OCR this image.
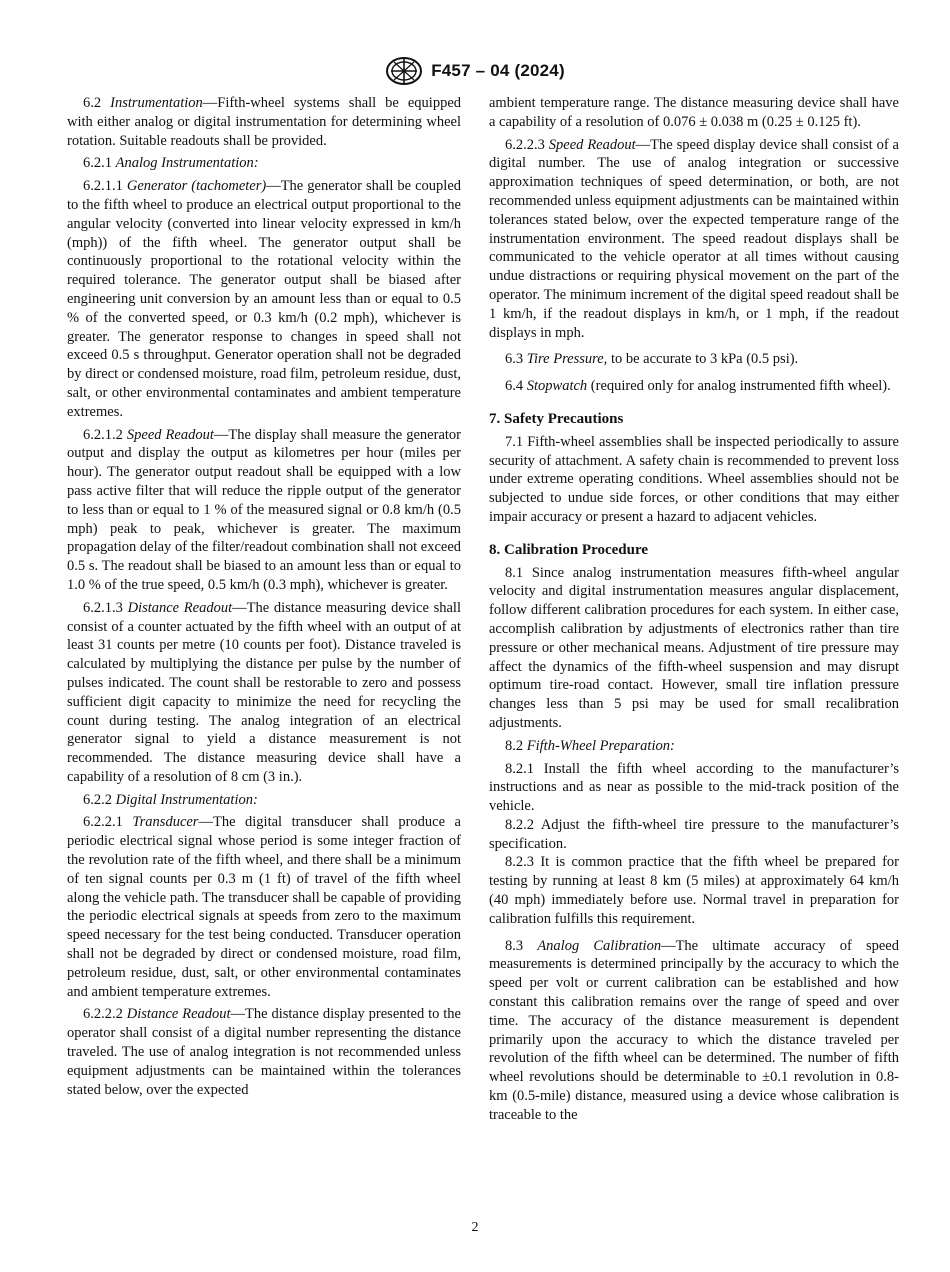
F457 – 04 (2024)

6.2 Instrumentation—Fifth-wheel systems shall be equipped with either analog or digital instrumentation for determining wheel rotation. Suitable readouts shall be provided.

6.2.1 Analog Instrumentation:

6.2.1.1 Generator (tachometer)—The generator shall be coupled to the fifth wheel to produce an electrical output proportional to the angular velocity (converted into linear velocity expressed in km/h (mph)) of the fifth wheel. The generator output shall be continuously proportional to the rotational velocity within the required tolerance. The generator output shall be biased after engineering unit conversion by an amount less than or equal to 0.5 % of the converted speed, or 0.3 km/h (0.2 mph), whichever is greater. The generator response to changes in speed shall not exceed 0.5 s throughput. Generator operation shall not be degraded by direct or condensed moisture, road film, petroleum residue, dust, salt, or other environmental contaminates and ambient temperature extremes.

6.2.1.2 Speed Readout—The display shall measure the generator output and display the output as kilometres per hour (miles per hour). The generator output readout shall be equipped with a low pass active filter that will reduce the ripple output of the generator to less than or equal to 1 % of the measured signal or 0.8 km/h (0.5 mph) peak to peak, whichever is greater. The maximum propagation delay of the filter/readout combination shall not exceed 0.5 s. The readout shall be biased to an amount less than or equal to 1.0 % of the true speed, 0.5 km/h (0.3 mph), whichever is greater.

6.2.1.3 Distance Readout—The distance measuring device shall consist of a counter actuated by the fifth wheel with an output of at least 31 counts per metre (10 counts per foot). Distance traveled is calculated by multiplying the distance per pulse by the number of pulses indicated. The count shall be restorable to zero and possess sufficient digit capacity to minimize the need for recycling the count during testing. The analog integration of an electrical generator signal to yield a distance measurement is not recommended. The distance measuring device shall have a capability of a resolution of 8 cm (3 in.).

6.2.2 Digital Instrumentation:

6.2.2.1 Transducer—The digital transducer shall produce a periodic electrical signal whose period is some integer fraction of the revolution rate of the fifth wheel, and there shall be a minimum of ten signal counts per 0.3 m (1 ft) of travel of the fifth wheel along the vehicle path. The transducer shall be capable of providing the periodic electrical signals at speeds from zero to the maximum speed necessary for the test being conducted. Transducer operation shall not be degraded by direct or condensed moisture, road film, petroleum residue, dust, salt, or other environmental contaminates and ambient temperature extremes.

6.2.2.2 Distance Readout—The distance display presented to the operator shall consist of a digital number representing the distance traveled. The use of analog integration is not recommended unless equipment adjustments can be maintained within the tolerances stated below, over the expected

ambient temperature range. The distance measuring device shall have a capability of a resolution of 0.076 ± 0.038 m (0.25 ± 0.125 ft).

6.2.2.3 Speed Readout—The speed display device shall consist of a digital number. The use of analog integration or successive approximation techniques of speed determination, or both, are not recommended unless equipment adjustments can be maintained within tolerances stated below, over the expected temperature range of the instrumentation environment. The speed readout displays shall be communicated to the vehicle operator at all times without causing undue distractions or requiring physical movement on the part of the operator. The minimum increment of the digital speed readout shall be 1 km/h, if the readout displays in km/h, or 1 mph, if the readout displays in mph.

6.3 Tire Pressure, to be accurate to 3 kPa (0.5 psi).

6.4 Stopwatch (required only for analog instrumented fifth wheel).

7. Safety Precautions

7.1 Fifth-wheel assemblies shall be inspected periodically to assure security of attachment. A safety chain is recommended to prevent loss under extreme operating conditions. Wheel assemblies should not be subjected to undue side forces, or other conditions that may either impair accuracy or present a hazard to adjacent vehicles.

8. Calibration Procedure

8.1 Since analog instrumentation measures fifth-wheel angular velocity and digital instrumentation measures angular displacement, follow different calibration procedures for each system. In either case, accomplish calibration by adjustments of electronics rather than tire pressure or other mechanical means. Adjustment of tire pressure may affect the dynamics of the fifth-wheel suspension and may disrupt optimum tire-road contact. However, small tire inflation pressure changes less than 5 psi may be used for small recalibration adjustments.

8.2 Fifth-Wheel Preparation:

8.2.1 Install the fifth wheel according to the manufacturer’s instructions and as near as possible to the mid-track position of the vehicle.

8.2.2 Adjust the fifth-wheel tire pressure to the manufacturer’s specification.

8.2.3 It is common practice that the fifth wheel be prepared for testing by running at least 8 km (5 miles) at approximately 64 km/h (40 mph) immediately before use. Normal travel in preparation for calibration fulfills this requirement.

8.3 Analog Calibration—The ultimate accuracy of speed measurements is determined principally by the accuracy to which the speed per volt or current calibration can be established and how constant this calibration remains over the range of speed and over time. The accuracy of the distance measurement is dependent primarily upon the accuracy to which the distance traveled per revolution of the fifth wheel can be determined. The number of fifth wheel revolutions should be determinable to ±0.1 revolution in 0.8-km (0.5-mile) distance, measured using a device whose calibration is traceable to the

2
